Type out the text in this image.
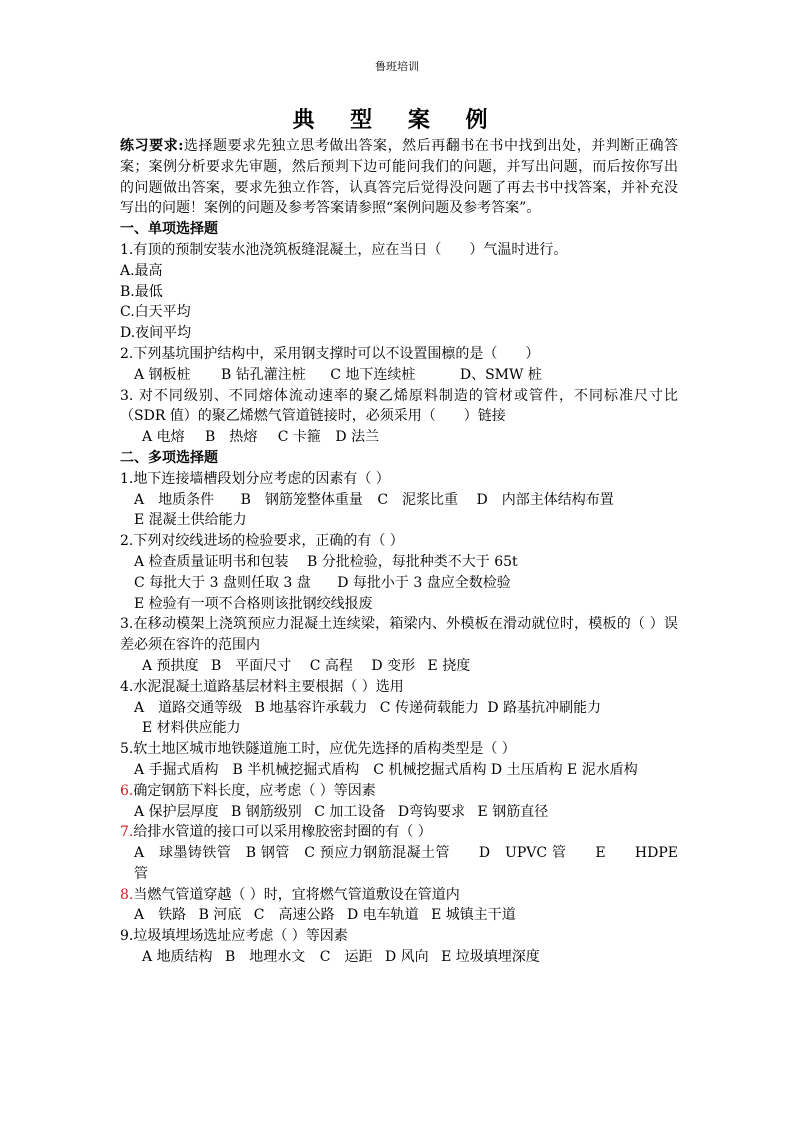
鲁班培训
典 型 案 例
练习要求:选择题要求先独立思考做出答案，然后再翻书在书中找到出处，并判断正确答案；案例分析要求先审题，然后预判下边可能问我们的问题，并写出问题，而后按你写出的问题做出答案，要求先独立作答，认真答完后觉得没问题了再去书中找答案，并补充没写出的问题！案例的问题及参考答案请参照“案例问题及参考答案”。
一、单项选择题
1.有顶的预制安装水池浇筑板缝混凝土，应在当日（　　）气温时进行。
A.最高
B.最低
C.白天平均
D.夜间平均
2.下列基坑围护结构中，采用钢支撑时可以不设置围檩的是（　　）
A 钢板桩 B 钻孔灌注桩 C 地下连续桩	D、SMW 桩
3. 对不同级别、不同熔体流动速率的聚乙烯原料制造的管材或管件，不同标准尺寸比（SDR 值）的聚乙烯燃气管道链接时，必须采用（　　）链接
A 电熔 B　热熔 C 卡箍 D 法兰
二、多项选择题
1.地下连接墙槽段划分应考虑的因素有（ ）
A　地质条件 B　钢筋笼整体重量 C　泥浆比重 D　内部主体结构布置
E 混凝土供给能力
2.下列对绞线进场的检验要求，正确的有（ ）
A 检查质量证明书和包装 B 分批检验，每批种类不大于 65t
C 每批大于 3 盘则任取 3 盘 D 每批小于 3 盘应全数检验
E 检验有一项不合格则该批钢绞线报废
3.在移动模架上浇筑预应力混凝土连续梁，箱梁内、外模板在滑动就位时，模板的（ ）误差必须在容许的范围内
A 预拱度 B　平面尺寸 C 高程 D 变形 E 挠度
4.水泥混凝土道路基层材料主要根据（ ）选用
A　道路交通等级 B 地基容许承载力 C 传递荷载能力 D 路基抗冲刷能力
E 材料供应能力
5.软土地区城市地铁隧道施工时，应优先选择的盾构类型是（ ）
A 手掘式盾构　B 半机械挖掘式盾构　C 机械挖掘式盾构 D 土压盾构 E 泥水盾构
6.确定钢筋下料长度，应考虑（ ）等因素
A 保护层厚度 B 钢筋级别 C 加工设备 D弯钩要求 E 钢筋直径
7.给排水管道的接口可以采用橡胶密封圈的有（ ）
A　球墨铸铁管　B 钢管　C 预应力钢筋混凝土管　　D　UPVC 管　　E　　HDPE 管
8.当燃气管道穿越（ ）时，宜将燃气管道敷设在管道内
A　铁路 B 河底 C　高速公路 D 电车轨道 E 城镇主干道
9.垃圾填埋场选址应考虑（ ）等因素
A 地质结构 B　地理水文 C　运距 D 风向 E 垃圾填埋深度
